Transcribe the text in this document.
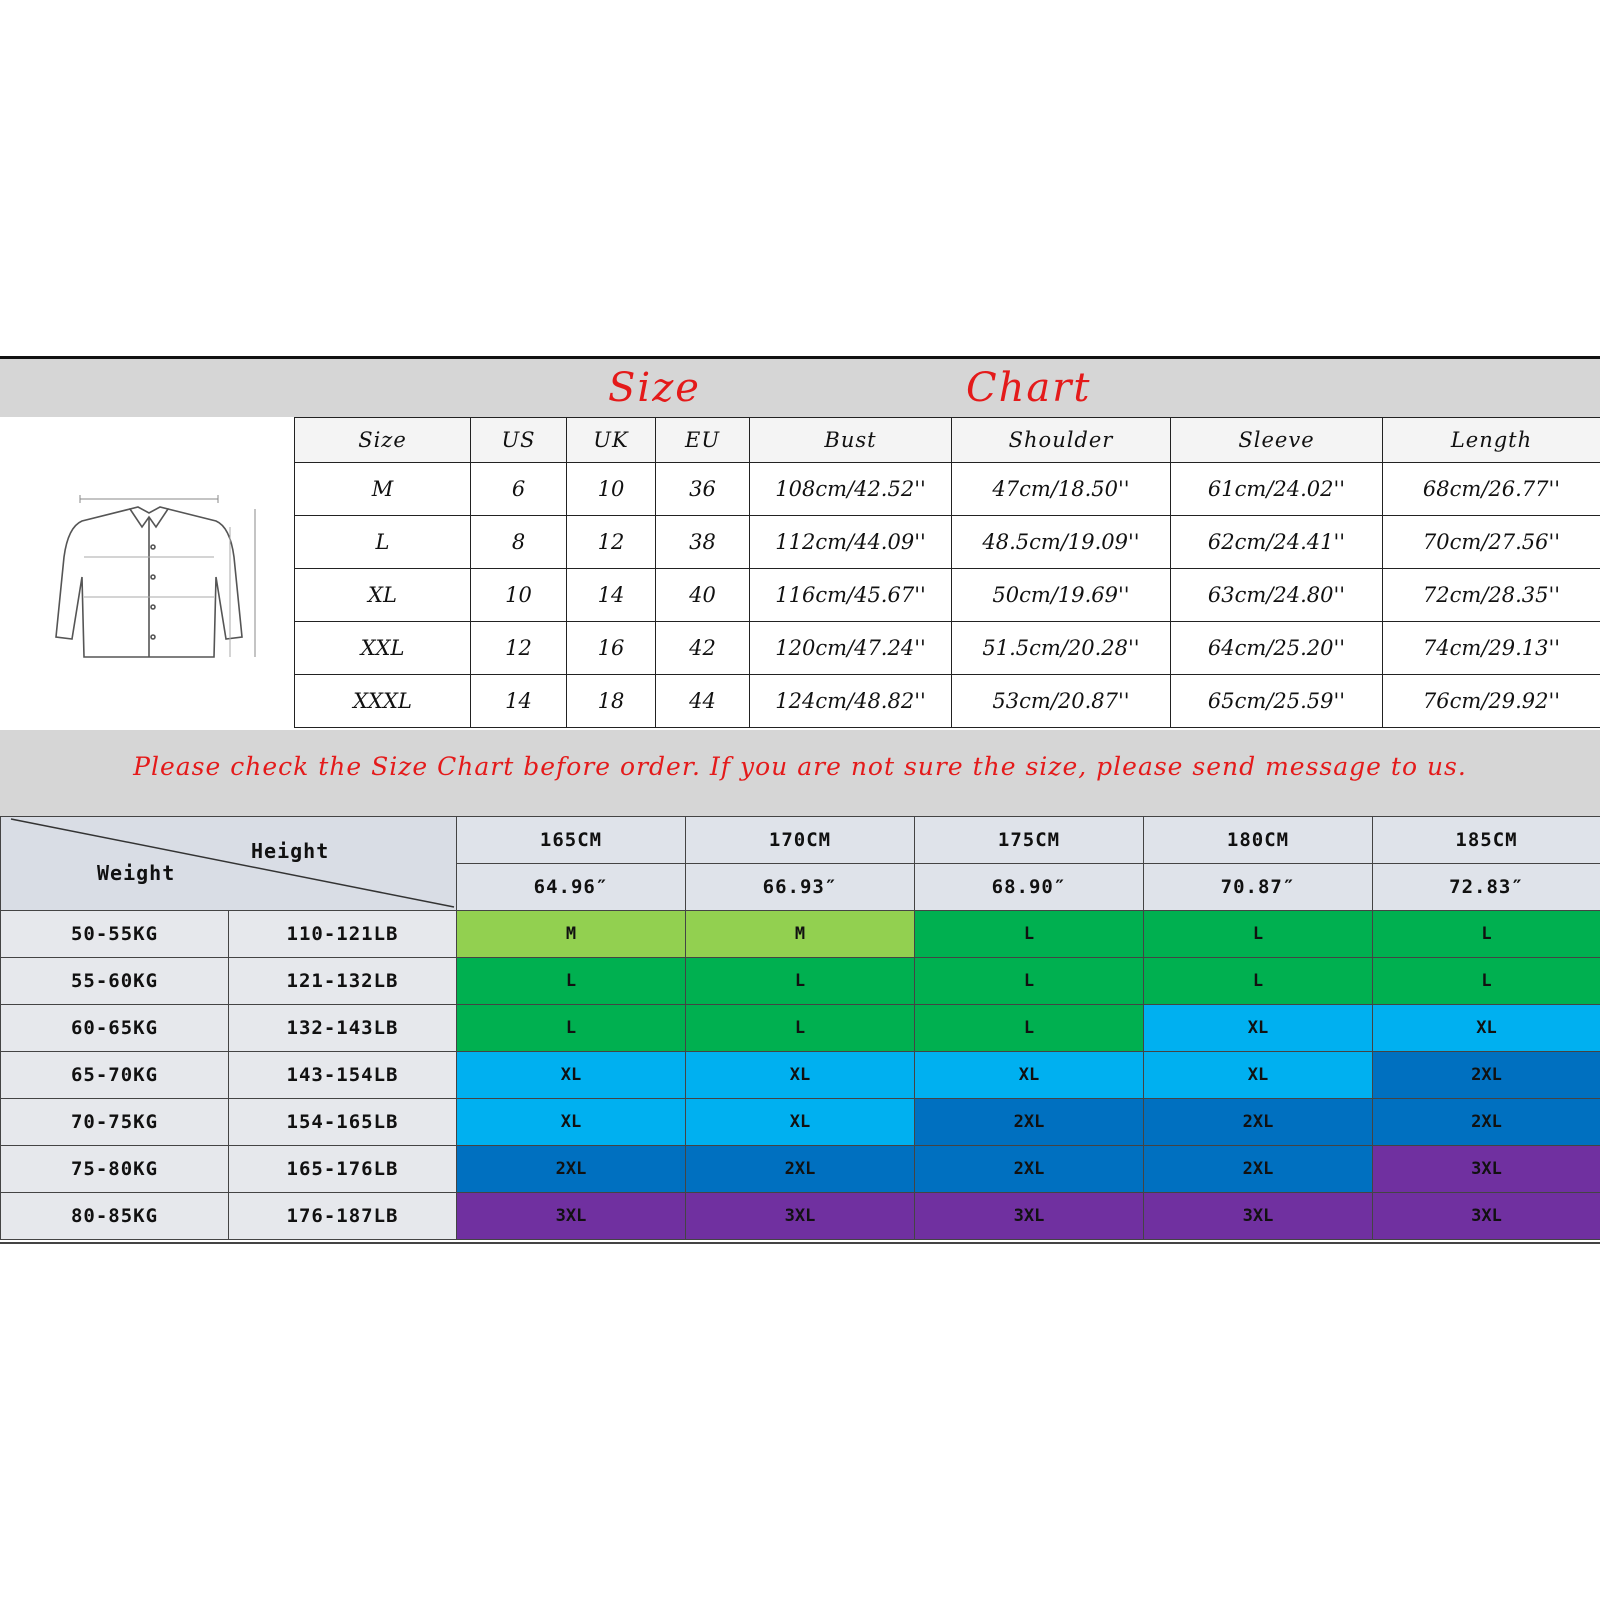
Size	Chart
Size	US	UK	EU	Bust	Shoulder	Sleeve	Length
M	6	10	36	108cm/42.52''	47cm/18.50''	61cm/24.02''	68cm/26.77''
L	8	12	38	112cm/44.09''	48.5cm/19.09''	62cm/24.41''	70cm/27.56''
XL	10	14	40	116cm/45.67''	50cm/19.69''	63cm/24.80''	72cm/28.35''
XXL	12	16	42	120cm/47.24''	51.5cm/20.28''	64cm/25.20''	74cm/29.13''
XXXL	14	18	44	124cm/48.82''	53cm/20.87''	65cm/25.59''	76cm/29.92''
Please check the Size Chart before order. If you are not sure the size, please send message to us.
Height
Weight		165CM	170CM	175CM	180CM	185CM
		64.96″	66.93″	68.90″	70.87″	72.83″
50-55KG	110-121LB	M	M	L	L	L
55-60KG	121-132LB	L	L	L	L	L
60-65KG	132-143LB	L	L	L	XL	XL
65-70KG	143-154LB	XL	XL	XL	XL	2XL
70-75KG	154-165LB	XL	XL	2XL	2XL	2XL
75-80KG	165-176LB	2XL	2XL	2XL	2XL	3XL
80-85KG	176-187LB	3XL	3XL	3XL	3XL	3XL
